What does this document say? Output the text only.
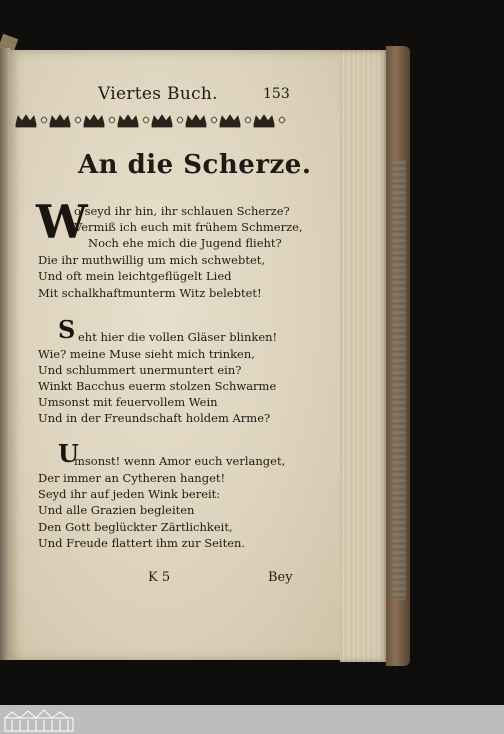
Viertes Buch.	153
An die Scherze.
W
o seyd ihr hin, ihr schlauen Scherze?
Vermiß ich euch mit frühem Schmerze,
Noch ehe mich die Jugend flieht?
Die ihr muthwillig um mich schwebtet,
Und oft mein leichtgeflügelt Lied
Mit schalkhaftmunterm Witz belebtet!
S eht hier die vollen Gläser blinken!
Wie? meine Muse sieht mich trinken,
Und schlummert unermuntert ein?
Winkt Bacchus euerm stolzen Schwarme
Umsonst mit feuervollem Wein
Und in der Freundschaft holdem Arme?
U
msonst! wenn Amor euch verlanget,
Der immer an Cytheren hanget!
Seyd ihr auf jeden Wink bereit:
Und alle Grazien begleiten
Den Gott beglückter Zärtlichkeit,
Und Freude flattert ihm zur Seiten.
K 5	Bey
